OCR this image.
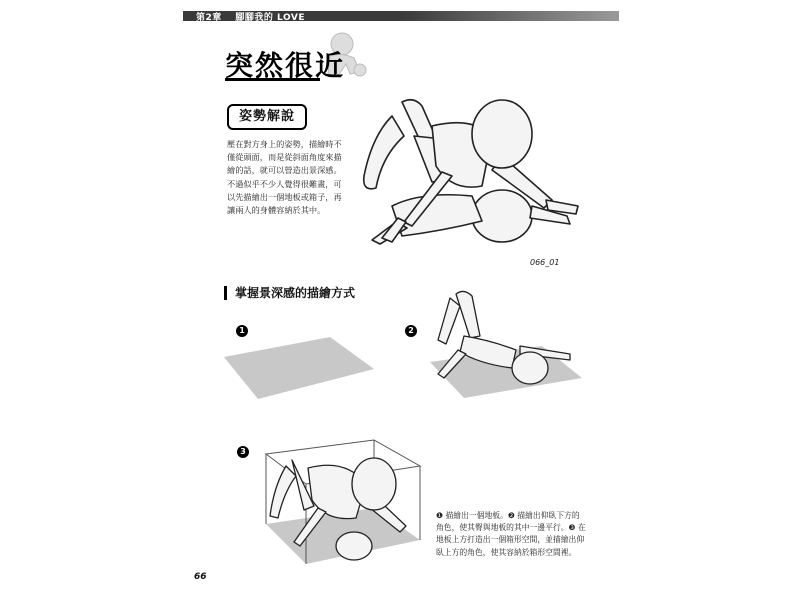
第2章 腳腳我的 LOVE
突然很近
姿勢解說
壓在對方身上的姿勢，描繪時不僅從頭面，而是從斜面角度來描繪的話，就可以營造出景深感。不過似乎不少人覺得很難畫，可以先描繪出一個地板或箱子，再讓兩人的身體容納於其中。
066_01
掌握景深感的描繪方式
1	2
3
❶ 描繪出一個地板。❷ 描繪出仰臥下方的角色，使其臀與地板的其中一邊平行。❸ 在地板上方打造出一個箱形空間，並描繪出仰臥上方的角色，使其容納於箱形空間裡。
66
